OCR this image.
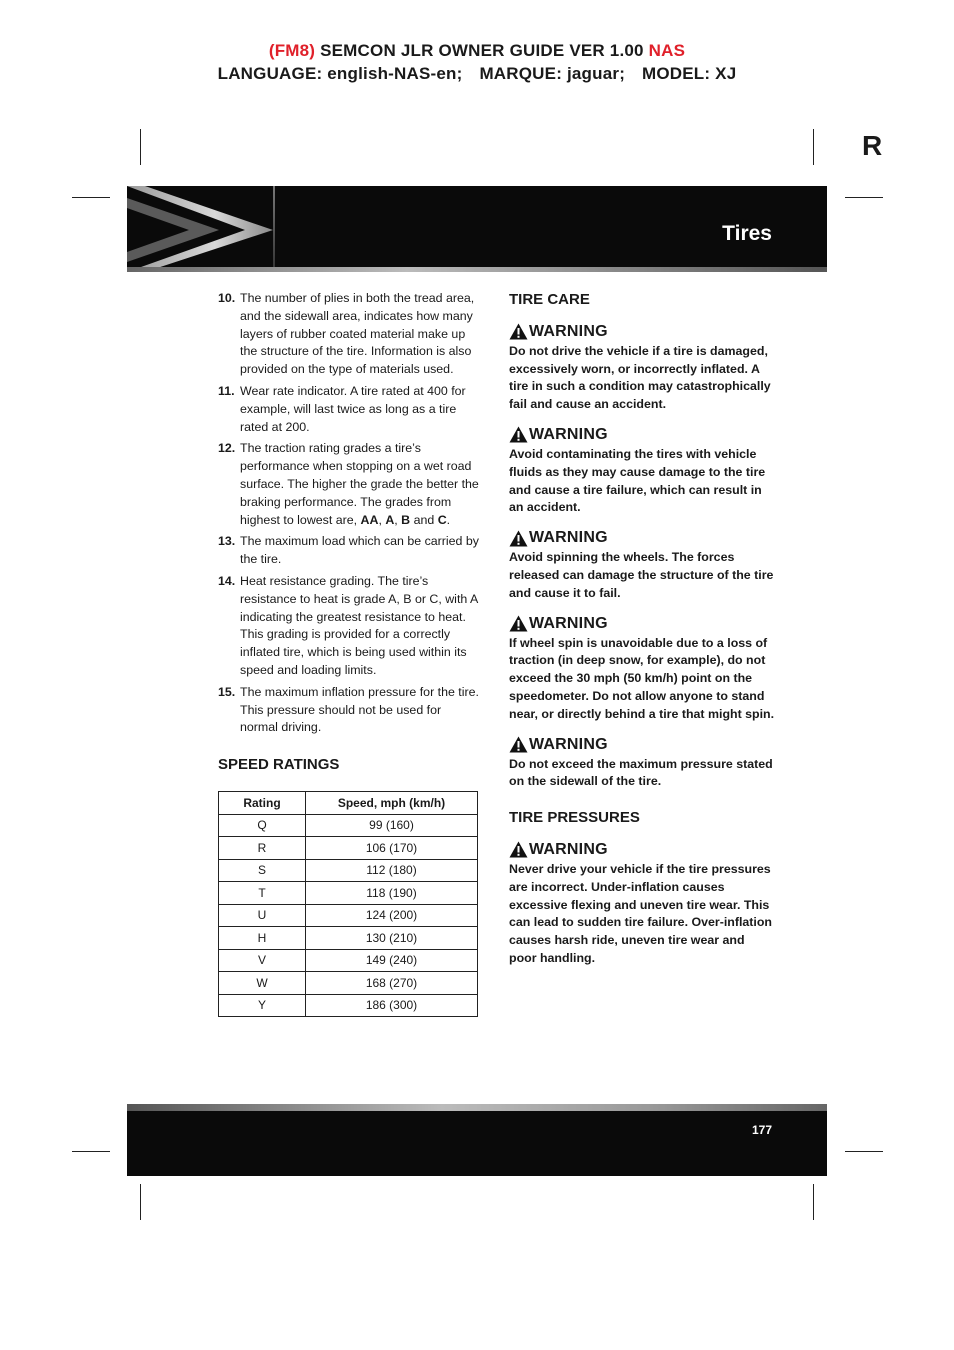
(FM8) SEMCON JLR OWNER GUIDE VER 1.00 NAS
LANGUAGE: english-NAS-en; MARQUE: jaguar; MODEL: XJ
R
Tires
10. The number of plies in both the tread area, and the sidewall area, indicates how many layers of rubber coated material make up the structure of the tire. Information is also provided on the type of materials used.
11. Wear rate indicator. A tire rated at 400 for example, will last twice as long as a tire rated at 200.
12. The traction rating grades a tire’s performance when stopping on a wet road surface. The higher the grade the better the braking performance. The grades from highest to lowest are, AA, A, B and C.
13. The maximum load which can be carried by the tire.
14. Heat resistance grading. The tire’s resistance to heat is grade A, B or C, with A indicating the greatest resistance to heat. This grading is provided for a correctly inflated tire, which is being used within its speed and loading limits.
15. The maximum inflation pressure for the tire. This pressure should not be used for normal driving.
SPEED RATINGS
Rating	Speed, mph (km/h)
Q	99 (160)
R	106 (170)
S	112 (180)
T	118 (190)
U	124 (200)
H	130 (210)
V	149 (240)
W	168 (270)
Y	186 (300)
TIRE CARE
WARNING
Do not drive the vehicle if a tire is damaged, excessively worn, or incorrectly inflated. A tire in such a condition may catastrophically fail and cause an accident.
WARNING
Avoid contaminating the tires with vehicle fluids as they may cause damage to the tire and cause a tire failure, which can result in an accident.
WARNING
Avoid spinning the wheels. The forces released can damage the structure of the tire and cause it to fail.
WARNING
If wheel spin is unavoidable due to a loss of traction (in deep snow, for example), do not exceed the 30 mph (50 km/h) point on the speedometer. Do not allow anyone to stand near, or directly behind a tire that might spin.
WARNING
Do not exceed the maximum pressure stated on the sidewall of the tire.
TIRE PRESSURES
WARNING
Never drive your vehicle if the tire pressures are incorrect. Under-inflation causes excessive flexing and uneven tire wear. This can lead to sudden tire failure. Over-inflation causes harsh ride, uneven tire wear and poor handling.
177
